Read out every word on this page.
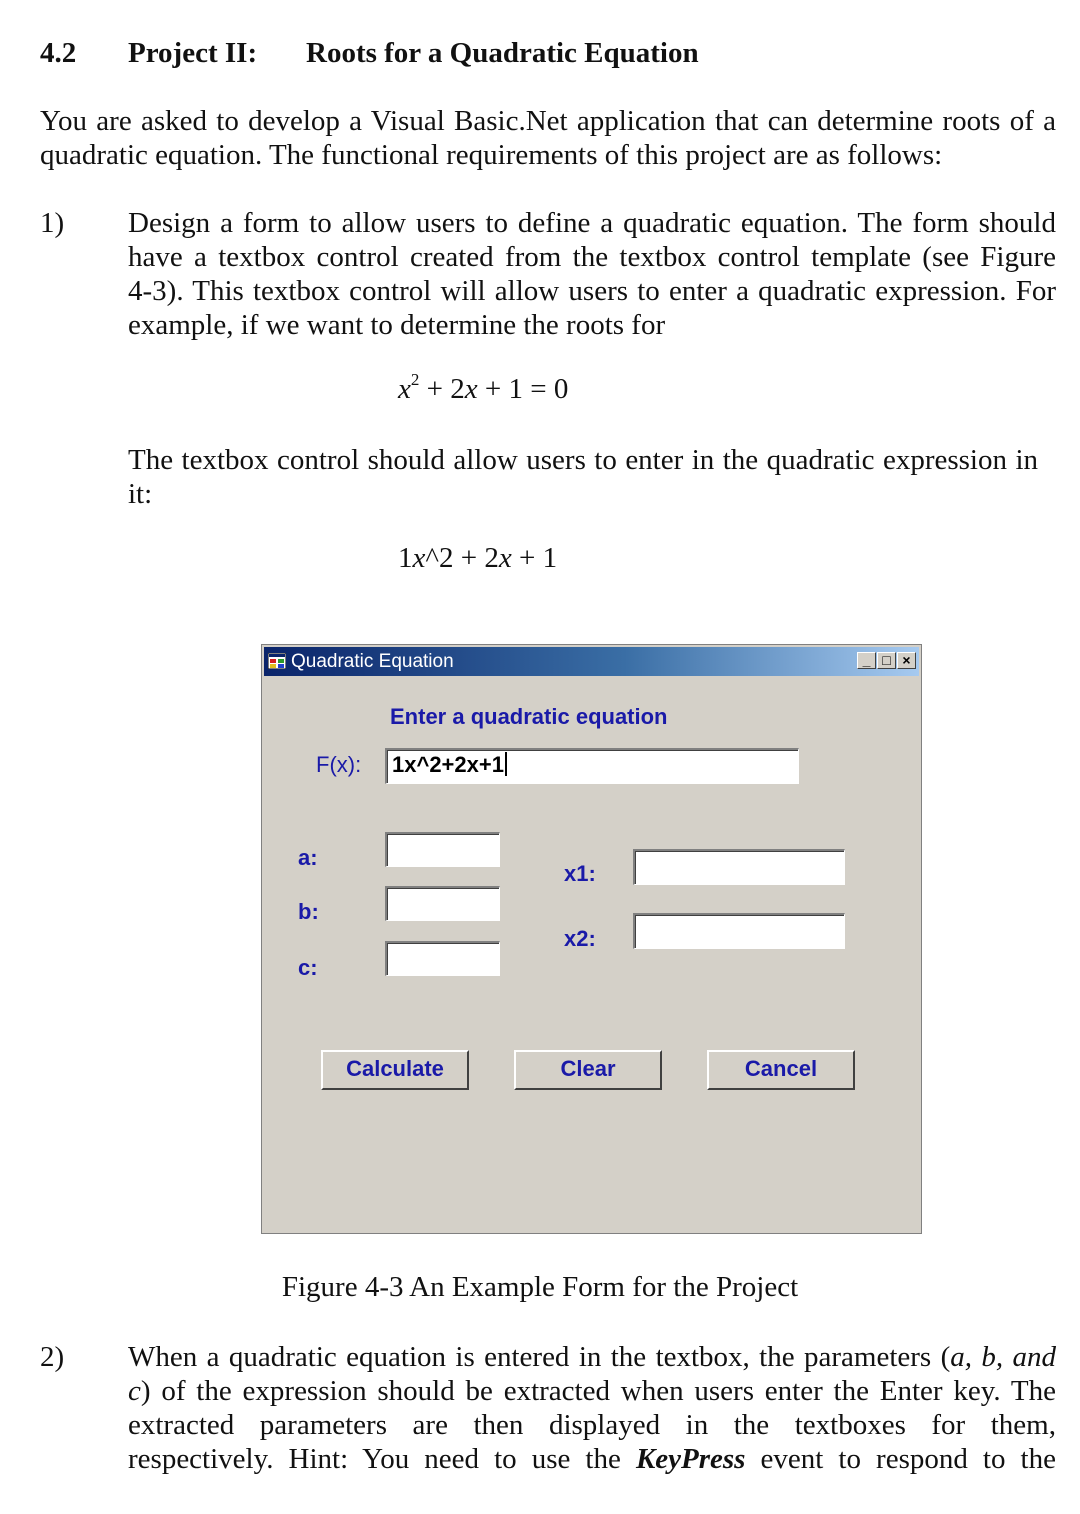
4.2 Project II: Roots for a Quadratic Equation
You are asked to develop a Visual Basic.Net application that can determine roots of a
quadratic equation. The functional requirements of this project are as follows:
1) Design a form to allow users to define a quadratic equation. The form should
have a textbox control created from the textbox control template (see Figure
4-3). This textbox control will allow users to enter a quadratic expression. For
example, if we want to determine the roots for
$x^2 + 2x + 1 = 0$
The textbox control should allow users to enter in the quadratic expression in
it:
1x^2 + 2x + 1
Quadratic Equation	_ □ ×
Enter a quadratic equation
F(x):	1x^2+2x+1
a:
b:
c:
x1:
x2:
Calculate	Clear	Cancel
Figure 4-3 An Example Form for the Project
2) When a quadratic equation is entered in the textbox, the parameters (a, b, and
c) of the expression should be extracted when users enter the Enter key. The
extracted parameters are then displayed in the textboxes for them,
respectively. Hint: You need to use the KeyPress event to respond to the
